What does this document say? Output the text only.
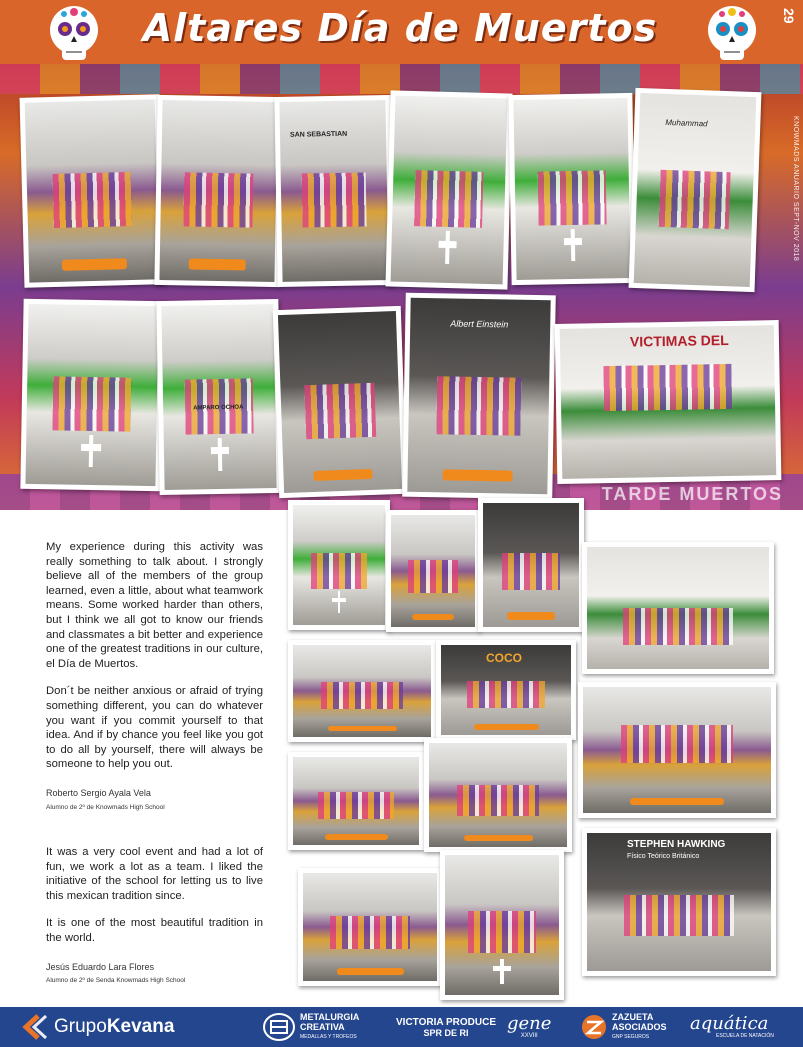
Altares Día de Muertos	29
TARDE MUERTOS
KNOWMADS ANUARIO SEPT-NOV 2018
SAN SEBASTIAN
Muhammad
AMPARO OCHOA
Albert Einstein
VICTIMAS DEL

My experience during this activity was really something to talk about. I strongly believe all of the members of the group learned, even a little, about what teamwork means. Some worked harder than others, but I think we all got to know our friends and classmates a bit better and experience one of the greatest traditions in our culture, el Día de Muertos.

Don´t be neither anxious or afraid of trying something different, you can do whatever you want if you commit yourself to that idea. And if by chance you feel like you got to do all by yourself, there will always be someone to help you out.

Roberto Sergio Ayala Vela
Alumno de 2º de Knowmads High School

It was a very cool event and had a lot of fun, we work a lot as a team. I liked the initiative of the school for letting us to live this mexican tradition since.

It is one of the most beautiful tradition in the world.

Jesús Eduardo Lara Flores
Alumno de 2º de Senda Knowmads High School
COCO
STEPHEN HAWKING
Físico Teórico Británico
GrupoKevana	METALURGIA
CREATIVA
MEDALLAS Y TROFEOS
VICTORIA PRODUCE
SPR DE RI gene
XXVIII
ZAZUETA
ASOCIADOS
GNP SEGUROS
aquática
ESCUELA DE NATACIÓN
